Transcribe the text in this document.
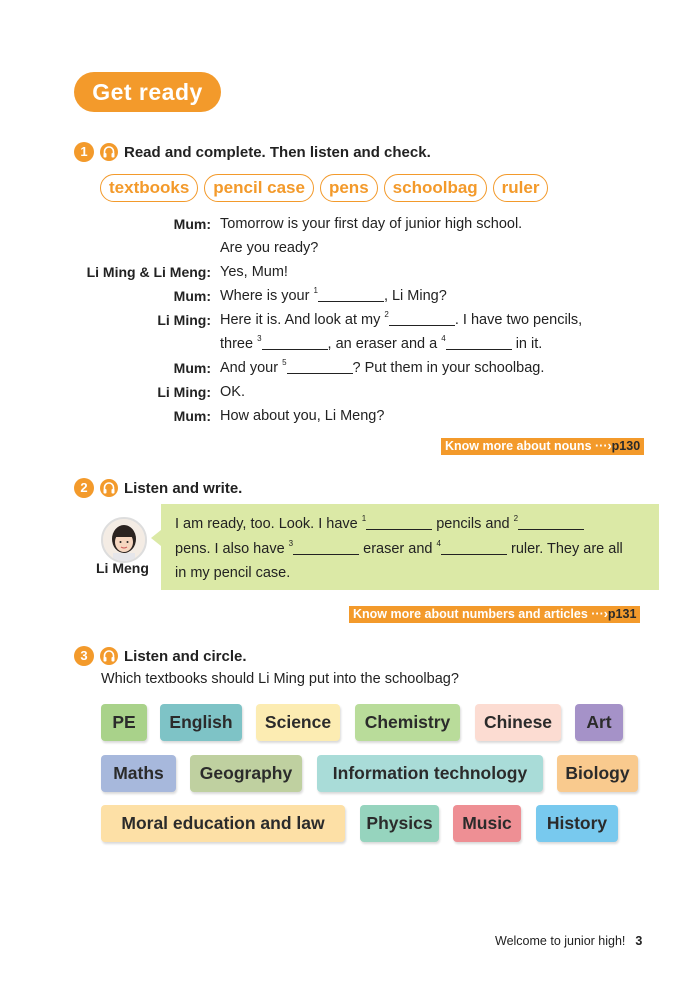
Get ready
1	Read and complete. Then listen and check.
textbooks	pencil case	pens	schoolbag	ruler
Mum: Tomorrow is your first day of junior high school.
Are you ready?
Li Ming & Li Meng: Yes, Mum!
Mum: Where is your $^1$	, Li Ming?
Li Ming: Here it is. And look at my $^2$	. I have two pencils,
three $^3$	, an eraser and a $^4$	in it.
Mum: And your $^5$	? Put them in your schoolbag.
Li Ming: OK.
Mum: How about you, Li Meng?
Know more about nouns ···›p130
2	Listen and write.
Li Meng
I am ready, too. Look. I have $^1$	pencils and $^2$
pens. I also have $^3$	eraser and $^4$	ruler. They are all
in my pencil case.
Know more about numbers and articles ···›p131
3	Listen and circle.
Which textbooks should Li Ming put into the schoolbag?
PE	English	Science	Chemistry	Chinese	Art
Maths	Geography	Information technology	Biology
Moral education and law	Physics	Music	History
Welcome to junior high! 3
